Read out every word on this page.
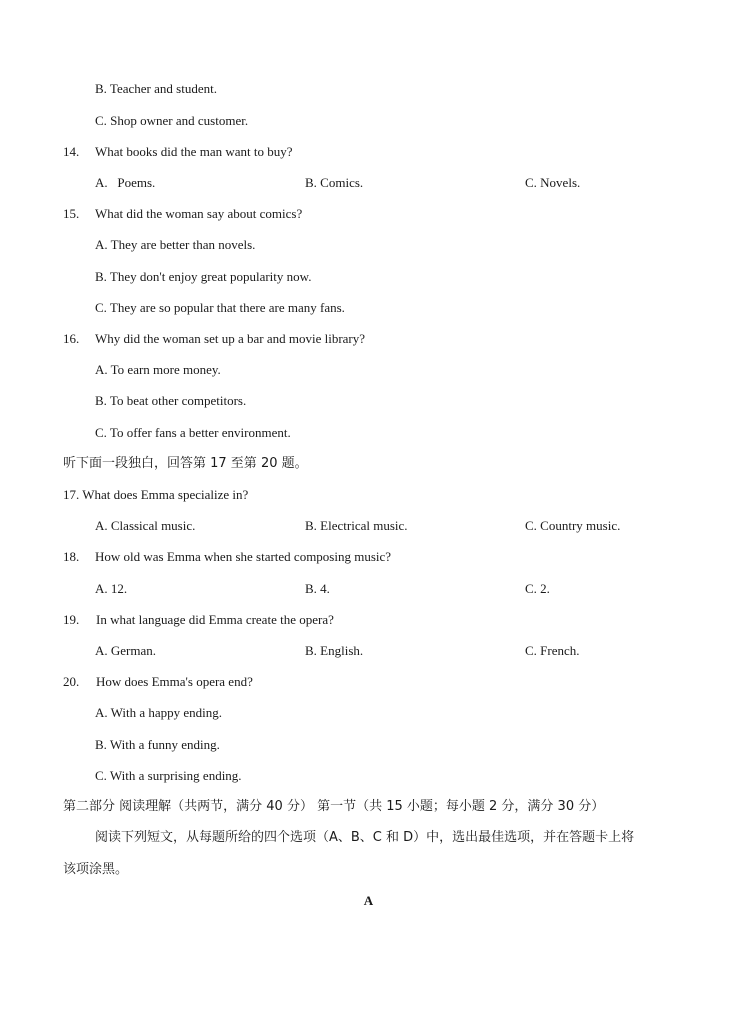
B. Teacher and student.
C. Shop owner and customer.
14. What books did the man want to buy?
A.   Poems.	B. Comics.	C. Novels.
15. What did the woman say about comics?
A. They are better than novels.
B. They don't enjoy great popularity now.
C. They are so popular that there are many fans.
16. Why did the woman set up a bar and movie library?
A. To earn more money.
B. To beat other competitors.
C. To offer fans a better environment.
听下面一段独白，回答第 17 至第 20 题。
17. What does Emma specialize in?
A. Classical music.	B. Electrical music.	C. Country music.
18. How old was Emma when she started composing music?
A. 12.	B. 4.	C. 2.
19. In what language did Emma create the opera?
A. German.	B. English.	C. French.
20. How does Emma's opera end?
A. With a happy ending.
B. With a funny ending.
C. With a surprising ending.
第二部分 阅读理解（共两节，满分 40 分） 第一节（共 15 小题；每小题 2 分，满分 30 分）
阅读下列短文，从每题所给的四个选项（A、B、C 和 D）中，选出最佳选项，并在答题卡上将
该项涂黑。
A
